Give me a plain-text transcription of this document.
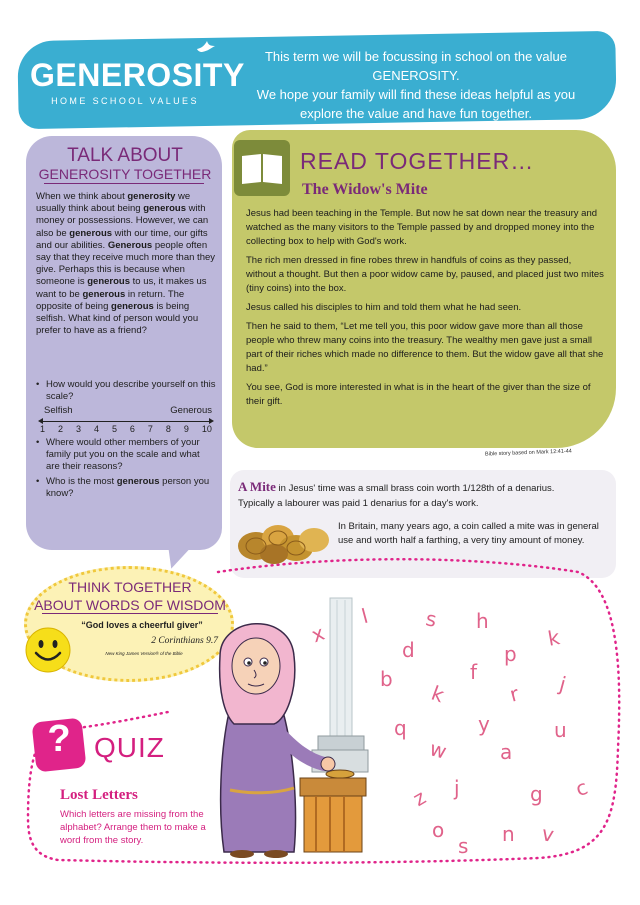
GENEROSITY
HOME SCHOOL VALUES
This term we will be focussing in school on the value GENEROSITY.
We hope your family will find these ideas helpful as you
explore the value and have fun together.
TALK ABOUT
GENEROSITY TOGETHER
When we think about generosity we usually think about being generous with money or possessions. However, we can also be generous with our time, our gifts and our abilities. Generous people often say that they receive much more than they give. Perhaps this is because when someone is generous to us, it makes us want to be generous in return. The opposite of being generous is being selfish. What kind of person would you prefer to have as a friend?
• How would you describe yourself on this scale?
Selfish	Generous
1 2 3 4 5 6 7 8 9 10
• Where would other members of your family put you on the scale and what are their reasons?
• Who is the most generous person you know?
READ TOGETHER…
The Widow's Mite

Jesus had been teaching in the Temple. But now he sat down near the treasury and watched as the many visitors to the Temple passed by and dropped money into the collecting box to help with God's work.

The rich men dressed in fine robes threw in handfuls of coins as they passed, without a thought. But then a poor widow came by, paused, and placed just two mites (tiny coins) into the box.

Jesus called his disciples to him and told them what he had seen.

Then he said to them, “Let me tell you, this poor widow gave more than all those people who threw many coins into the treasury. The wealthy men gave just a small part of their riches which made no difference to them. But the widow gave all that she had.”

You see, God is more interested in what is in the heart of the giver than the size of their gift.

Bible story based on Mark 12:41-44
A Mite in Jesus' time was a small brass coin worth 1/128th of a denarius.
Typically a labourer was paid 1 denarius for a day's work.
In Britain, many years ago, a coin called a mite was in general use and worth half a farthing, a very tiny amount of money.
x
l	s h
k
d	p
b	f	j
k	r
q	y	u
w	a
z j	g c
o
s n v
THINK TOGETHER
ABOUT WORDS OF WISDOM
“God loves a cheerful giver”
2 Corinthians 9.7
New King James Version® of the Bible
? QUIZ
Lost Letters
Which letters are missing from the alphabet? Arrange them to make a word from the story.
